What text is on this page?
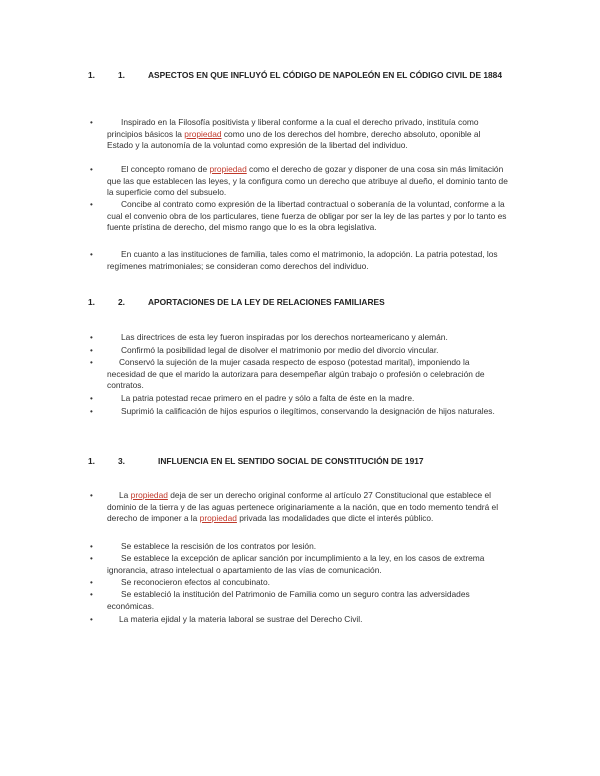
1.	1.	ASPECTOS EN QUE INFLUYÓ EL CÓDIGO DE NAPOLEÓN EN EL CÓDIGO CIVIL DE 1884
•	Inspirado en la Filosofía positivista y liberal conforme a la cual el derecho privado, instituía como principios básicos la propiedad como uno de los derechos del hombre, derecho absoluto, oponible al Estado y la autonomía de la voluntad como expresión de la libertad del individuo.
•	El concepto romano de propiedad como el derecho de gozar y disponer de una cosa sin más limitación que las que establecen las leyes, y la configura como un derecho que atribuye al dueño, el dominio tanto de la superficie como del subsuelo.
•	Concibe al contrato como expresión de la libertad contractual o soberanía de la voluntad, conforme a la cual el convenio obra de los particulares, tiene fuerza de obligar por ser la ley de las partes y por lo tanto es fuente prístina de derecho, del mismo rango que lo es la obra legislativa.
•	En cuanto a las instituciones de familia, tales como el matrimonio, la adopción. La patria potestad, los regímenes matrimoniales; se consideran como derechos del individuo.
1.	2.	APORTACIONES DE LA LEY DE RELACIONES FAMILIARES
•	Las directrices de esta ley fueron inspiradas por los derechos norteamericano y alemán.
•	Confirmó la posibilidad legal de disolver el matrimonio por medio del divorcio vincular.
•	Conservó la sujeción de la mujer casada respecto de esposo (potestad marital), imponiendo la necesidad de que el marido la autorizara para desempeñar algún trabajo o profesión o celebración de contratos.
•	La patria potestad recae primero en el padre y sólo a falta de éste en la madre.
•	Suprimió la calificación de hijos espurios o ilegítimos, conservando la designación de hijos naturales.
1.	3.	INFLUENCIA EN EL SENTIDO SOCIAL DE CONSTITUCIÓN DE 1917
•	La propiedad deja de ser un derecho original conforme al artículo 27 Constitucional que establece el dominio de la tierra y de las aguas pertenece originariamente a la nación, que en todo memento tendrá el derecho de imponer a la propiedad privada las modalidades que dicte el interés público.
•	Se establece la rescisión de los contratos por lesión.
•	Se establece la excepción de aplicar sanción por incumplimiento a la ley, en los casos de extrema ignorancia, atraso intelectual o apartamiento de las vías de comunicación.
•	Se reconocieron efectos al concubinato.
•	Se estableció la institución del Patrimonio de Familia como un seguro contra las adversidades económicas.
•	La materia ejidal y la materia laboral se sustrae del Derecho Civil.
